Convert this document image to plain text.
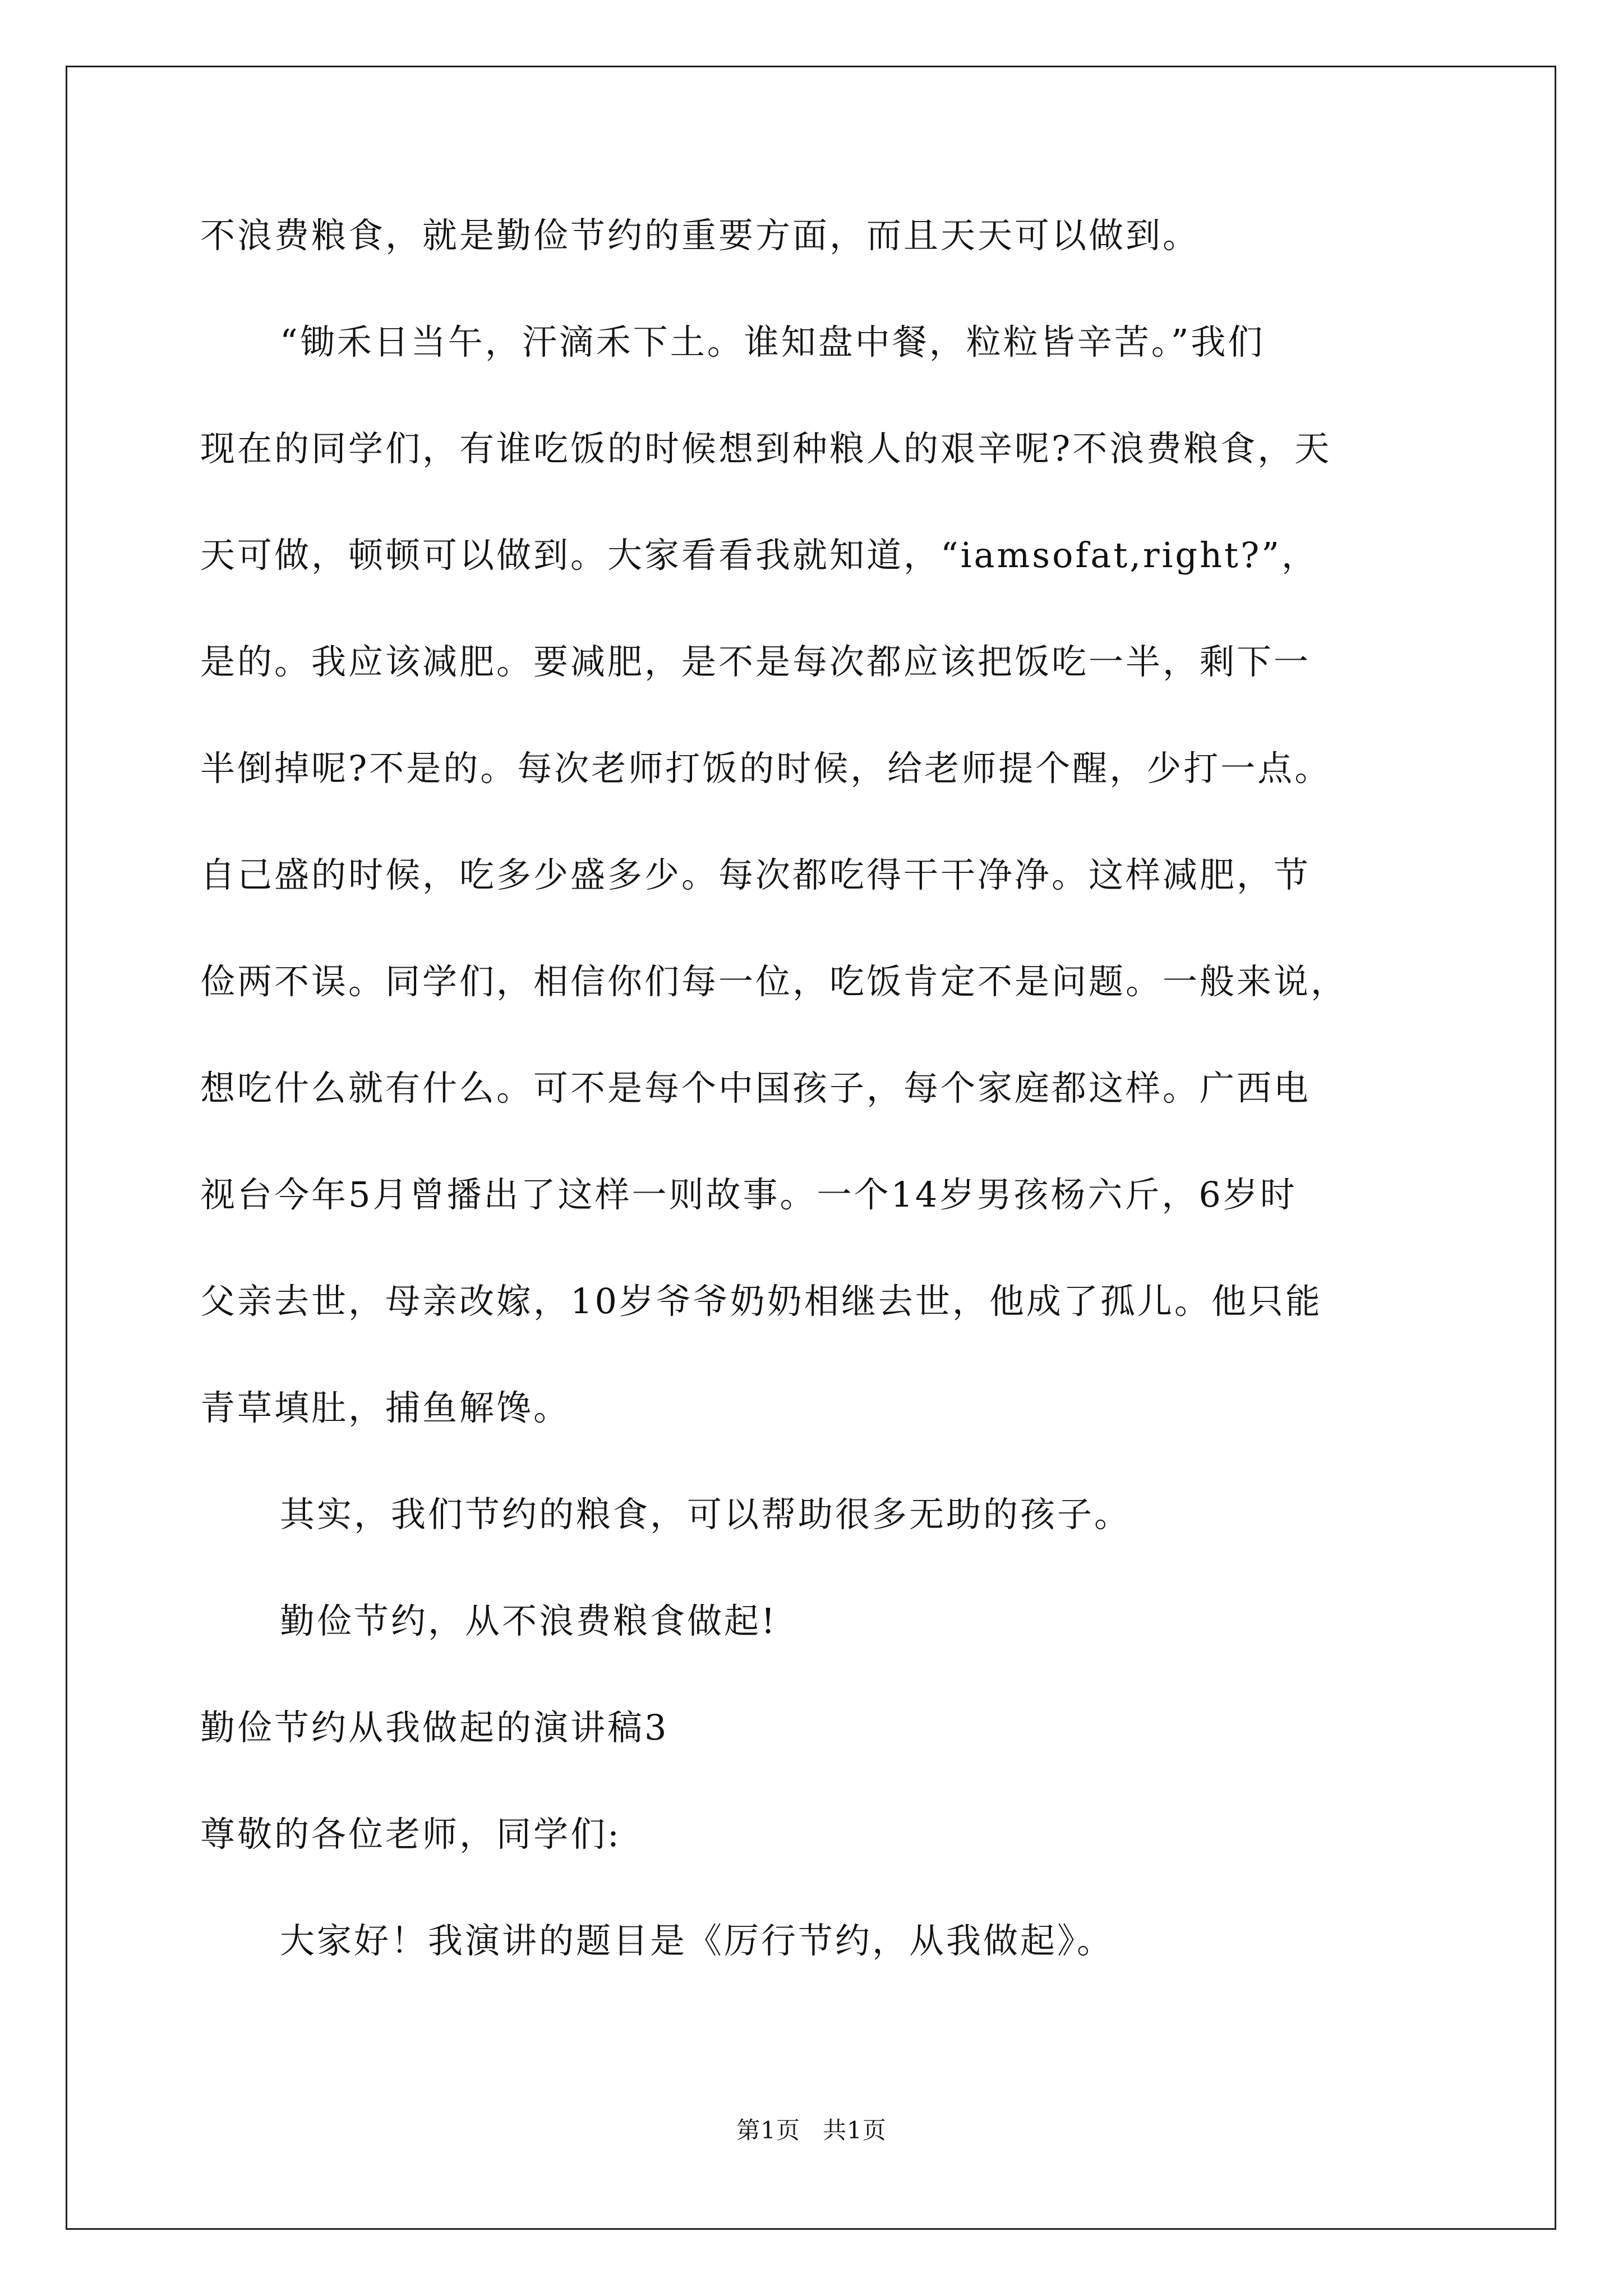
不浪费粮食，就是勤俭节约的重要方面，而且天天可以做到。
“锄禾日当午，汗滴禾下土。谁知盘中餐，粒粒皆辛苦。”我们
现在的同学们，有谁吃饭的时候想到种粮人的艰辛呢?不浪费粮食，天
天可做，顿顿可以做到。大家看看我就知道，“iamsofat,right?”，
是的。我应该减肥。要减肥，是不是每次都应该把饭吃一半，剩下一
半倒掉呢?不是的。每次老师打饭的时候，给老师提个醒，少打一点。
自己盛的时候，吃多少盛多少。每次都吃得干干净净。这样减肥，节
俭两不误。同学们，相信你们每一位，吃饭肯定不是问题。一般来说，
想吃什么就有什么。可不是每个中国孩子，每个家庭都这样。广西电
视台今年5月曾播出了这样一则故事。一个14岁男孩杨六斤，6岁时
父亲去世，母亲改嫁，10岁爷爷奶奶相继去世，他成了孤儿。他只能
青草填肚，捕鱼解馋。
其实，我们节约的粮食，可以帮助很多无助的孩子。
勤俭节约，从不浪费粮食做起!
勤俭节约从我做起的演讲稿3
尊敬的各位老师，同学们:
大家好！我演讲的题目是《厉行节约，从我做起》。
第1页 共1页
